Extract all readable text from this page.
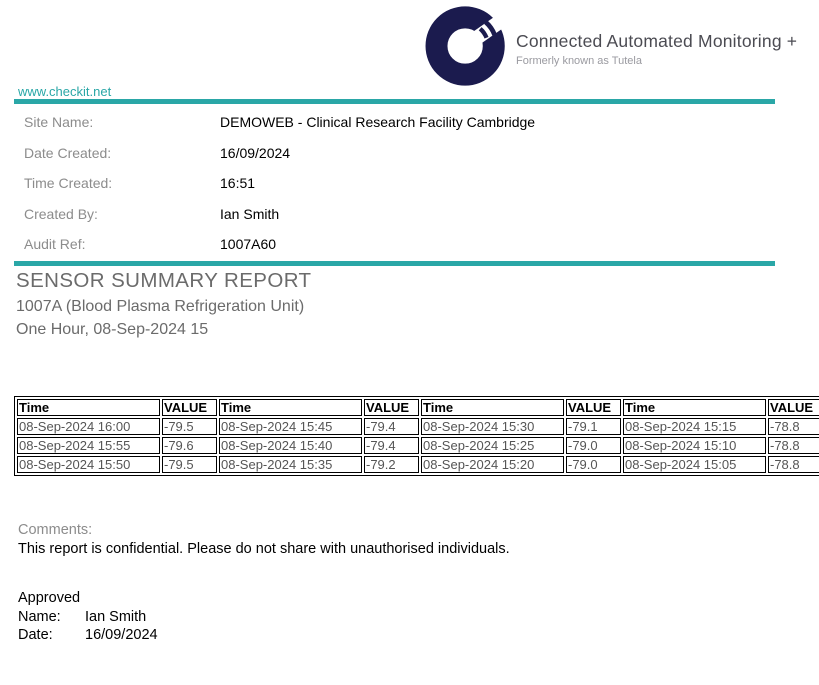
Connected Automated Monitoring +
Formerly known as Tutela
www.checkit.net
Site Name:	DEMOWEB - Clinical Research Facility Cambridge
Date Created:	16/09/2024
Time Created:	16:51
Created By:	Ian Smith
Audit Ref:	1007A60
SENSOR SUMMARY REPORT

1007A (Blood Plasma Refrigeration Unit)

One Hour, 08-Sep-2024 15

Time	VALUE	Time	VALUE	Time	VALUE	Time	VALUE
08-Sep-2024 16:00	-79.5	08-Sep-2024 15:45	-79.4	08-Sep-2024 15:30	-79.1	08-Sep-2024 15:15	-78.8
08-Sep-2024 15:55	-79.6	08-Sep-2024 15:40	-79.4	08-Sep-2024 15:25	-79.0	08-Sep-2024 15:10	-78.8
08-Sep-2024 15:50	-79.5	08-Sep-2024 15:35	-79.2	08-Sep-2024 15:20	-79.0	08-Sep-2024 15:05	-78.8
Comments:
This report is confidential. Please do not share with unauthorised individuals.
Approved
Name:	Ian Smith
Date:	16/09/2024
